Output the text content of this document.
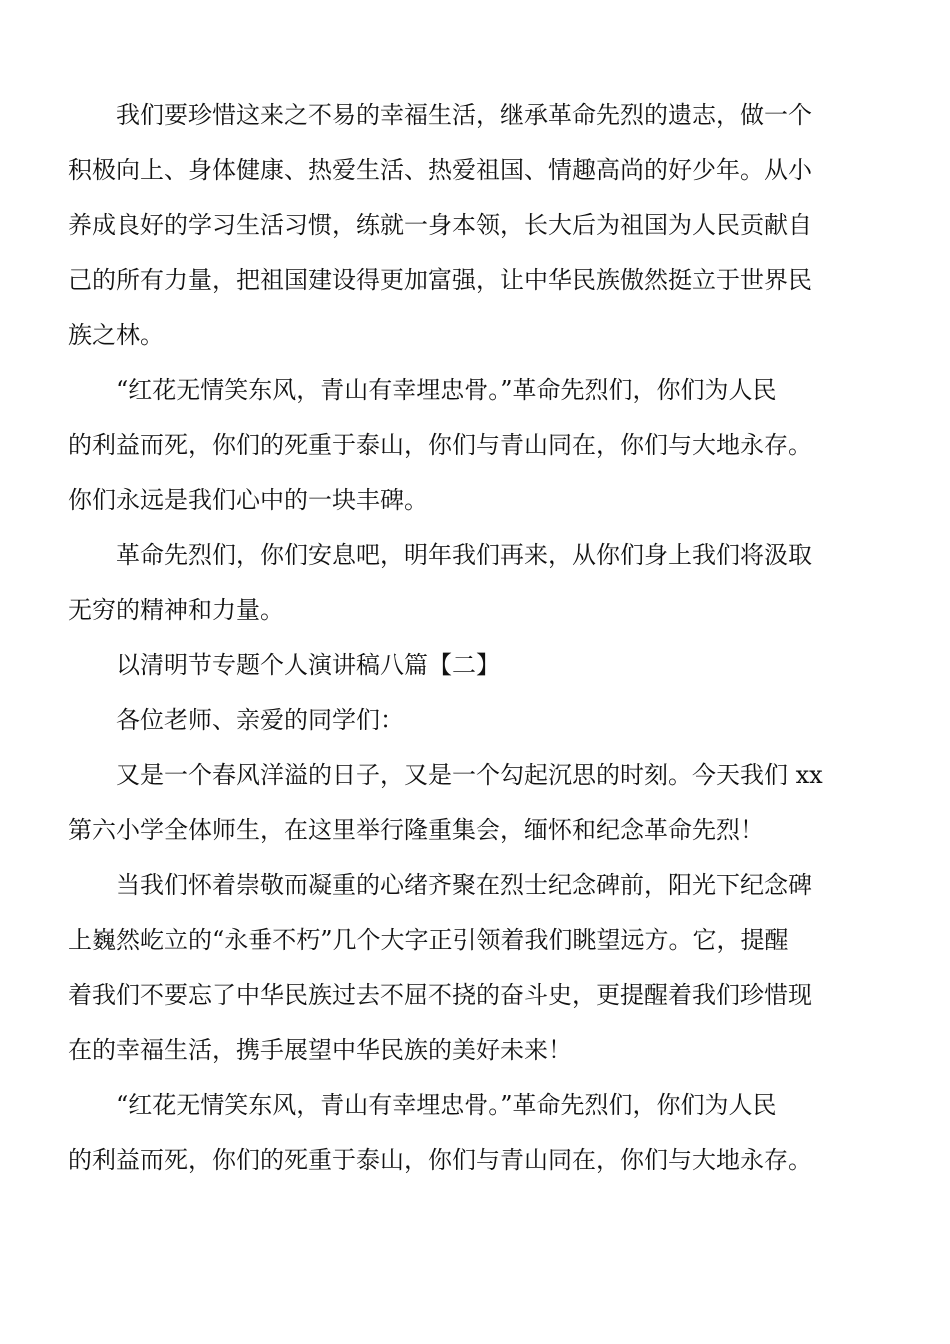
我们要珍惜这来之不易的幸福生活，继承革命先烈的遗志，做一个
积极向上、身体健康、热爱生活、热爱祖国、情趣高尚的好少年。从小
养成良好的学习生活习惯，练就一身本领，长大后为祖国为人民贡献自
己的所有力量，把祖国建设得更加富强，让中华民族傲然挺立于世界民
族之林。

“红花无情笑东风，青山有幸埋忠骨。”革命先烈们，你们为人民
的利益而死，你们的死重于泰山，你们与青山同在，你们与大地永存。
你们永远是我们心中的一块丰碑。

革命先烈们，你们安息吧，明年我们再来，从你们身上我们将汲取
无穷的精神和力量。

以清明节专题个人演讲稿八篇【二】

各位老师、亲爱的同学们：

又是一个春风洋溢的日子，又是一个勾起沉思的时刻。今天我们 xx
第六小学全体师生，在这里举行隆重集会，缅怀和纪念革命先烈！

当我们怀着崇敬而凝重的心绪齐聚在烈士纪念碑前，阳光下纪念碑
上巍然屹立的“永垂不朽”几个大字正引领着我们眺望远方。它，提醒
着我们不要忘了中华民族过去不屈不挠的奋斗史，更提醒着我们珍惜现
在的幸福生活，携手展望中华民族的美好未来！

“红花无情笑东风，青山有幸埋忠骨。”革命先烈们，你们为人民
的利益而死，你们的死重于泰山，你们与青山同在，你们与大地永存。
